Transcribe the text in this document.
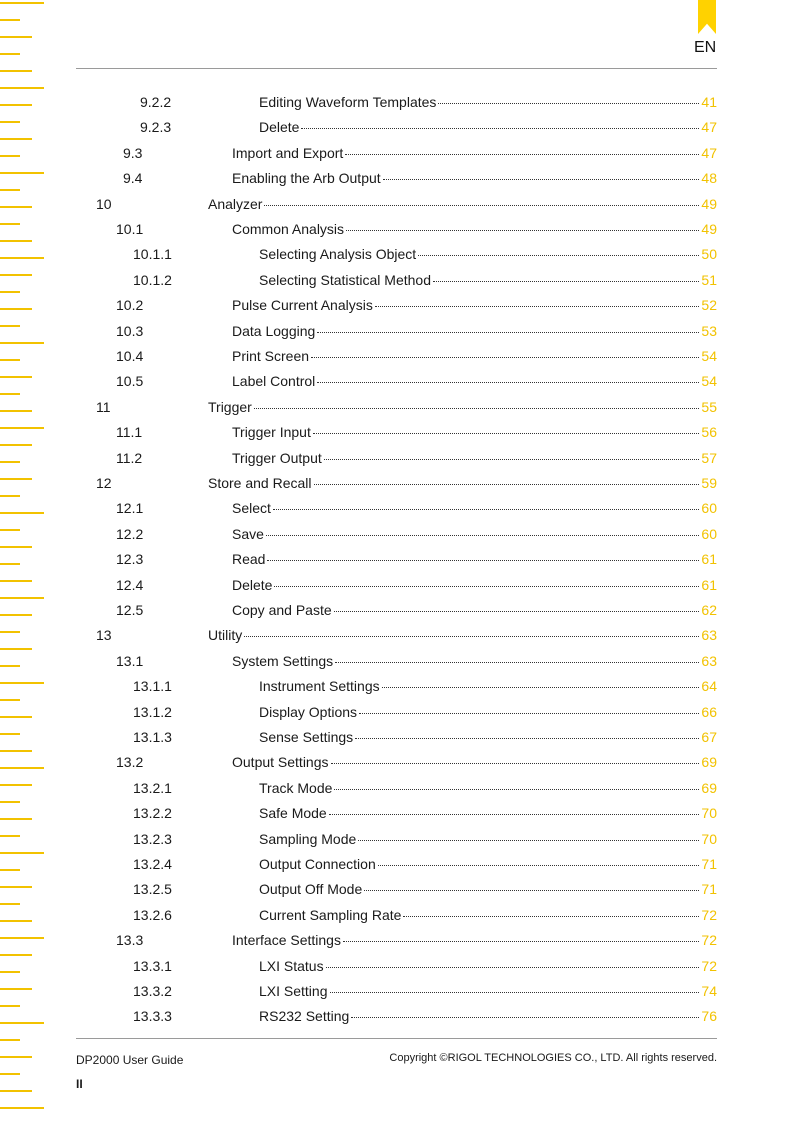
EN
9.2.2	Editing Waveform Templates	41
9.2.3	Delete	47
9.3	Import and Export	47
9.4	Enabling the Arb Output	48
10	Analyzer	49
10.1	Common Analysis	49
10.1.1	Selecting Analysis Object	50
10.1.2	Selecting Statistical Method	51
10.2	Pulse Current Analysis	52
10.3	Data Logging	53
10.4	Print Screen	54
10.5	Label Control	54
11	Trigger	55
11.1	Trigger Input	56
11.2	Trigger Output	57
12	Store and Recall	59
12.1	Select	60
12.2	Save	60
12.3	Read	61
12.4	Delete	61
12.5	Copy and Paste	62
13	Utility	63
13.1	System Settings	63
13.1.1	Instrument Settings	64
13.1.2	Display Options	66
13.1.3	Sense Settings	67
13.2	Output Settings	69
13.2.1	Track Mode	69
13.2.2	Safe Mode	70
13.2.3	Sampling Mode	70
13.2.4	Output Connection	71
13.2.5	Output Off Mode	71
13.2.6	Current Sampling Rate	72
13.3	Interface Settings	72
13.3.1	LXI Status	72
13.3.2	LXI Setting	74
13.3.3	RS232 Setting	76
DP2000 User Guide	Copyright ©RIGOL TECHNOLOGIES CO., LTD. All rights reserved.
II
